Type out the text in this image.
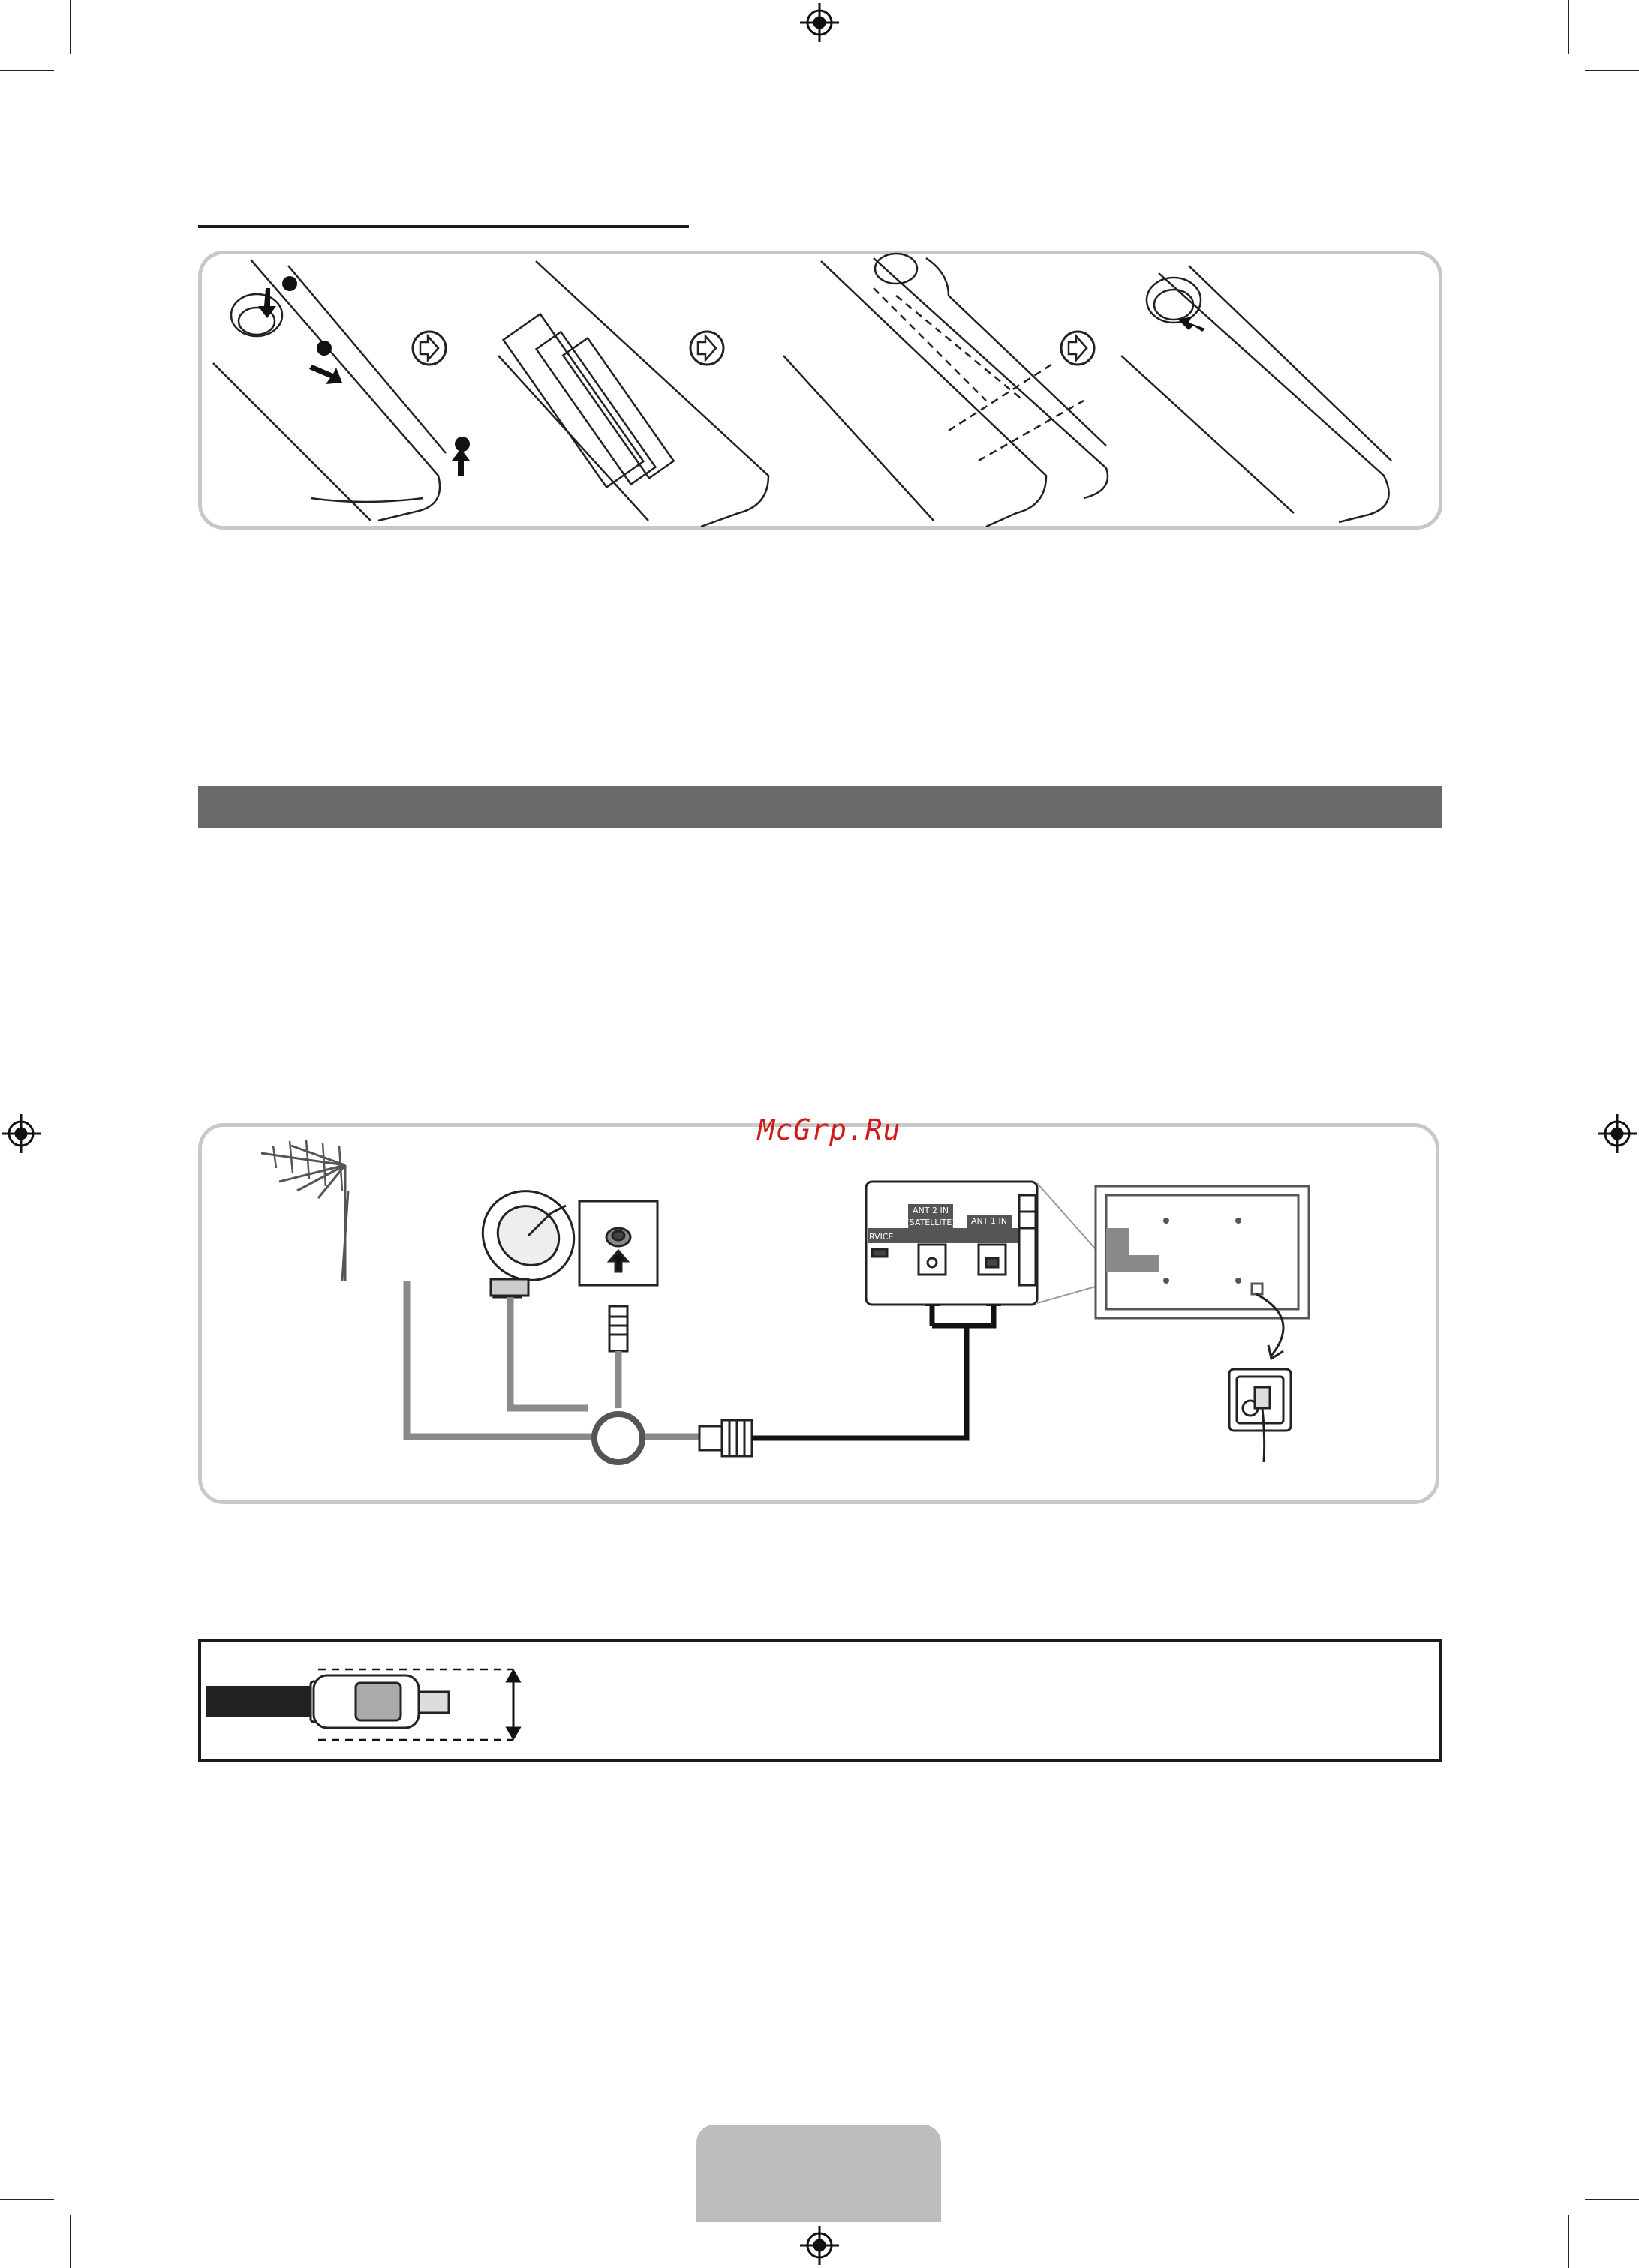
McGrp.Ru
ANT 2 IN
(SATELLITE) ANT 1 IN
RVICE
